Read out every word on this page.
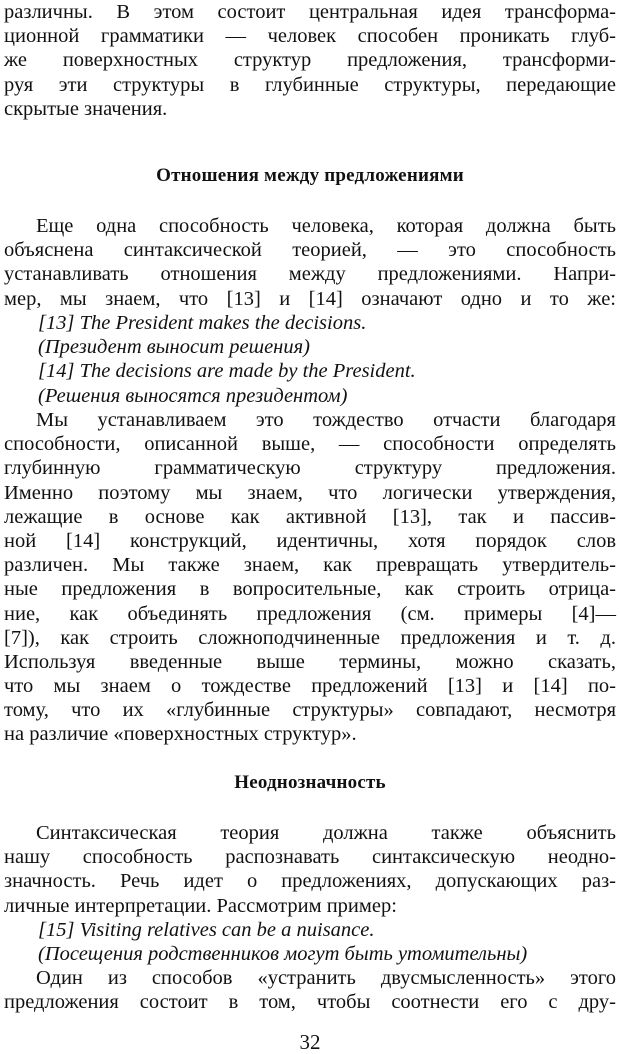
различны. В этом состоит центральная идея трансформа-
ционной грамматики — человек способен проникать глуб-
же поверхностных структур предложения, трансформи-
руя эти структуры в глубинные структуры, передающие
скрытые значения.
Отношения между предложениями
Еще одна способность человека, которая должна быть
объяснена синтаксической теорией, — это способность
устанавливать отношения между предложениями. Напри-
мер, мы знаем, что [13] и [14] означают одно и то же:
[13] The President makes the decisions.
(Президент выносит решения)
[14] The decisions are made by the President.
(Решения выносятся президентом)
Мы устанавливаем это тождество отчасти благодаря
способности, описанной выше, — способности определять
глубинную грамматическую структуру предложения.
Именно поэтому мы знаем, что логически утверждения,
лежащие в основе как активной [13], так и пассив-
ной [14] конструкций, идентичны, хотя порядок слов
различен. Мы также знаем, как превращать утвердитель-
ные предложения в вопросительные, как строить отрица-
ние, как объединять предложения (см. примеры [4]—
[7]), как строить сложноподчиненные предложения и т. д.
Используя введенные выше термины, можно сказать,
что мы знаем о тождестве предложений [13] и [14] по-
тому, что их «глубинные структуры» совпадают, несмотря
на различие «поверхностных структур».
Неоднозначность
Синтаксическая теория должна также объяснить
нашу способность распознавать синтаксическую неодно-
значность. Речь идет о предложениях, допускающих раз-
личные интерпретации. Рассмотрим пример:
[15] Visiting relatives can be a nuisance.
(Посещения родственников могут быть утомительны)
Один из способов «устранить двусмысленность» этого
предложения состоит в том, чтобы соотнести его с дру-
32
